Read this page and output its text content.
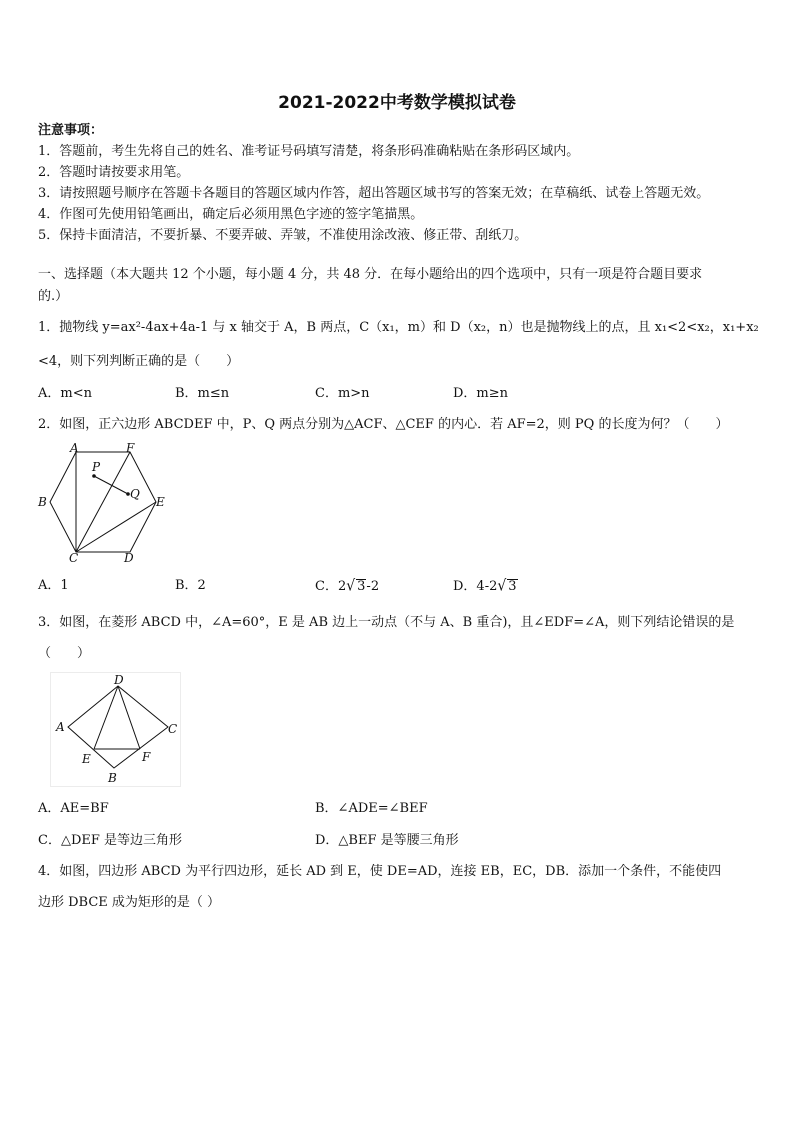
2021-2022中考数学模拟试卷
注意事项：
1．答题前，考生先将自己的姓名、准考证号码填写清楚，将条形码准确粘贴在条形码区域内。
2．答题时请按要求用笔。
3．请按照题号顺序在答题卡各题目的答题区域内作答，超出答题区域书写的答案无效；在草稿纸、试卷上答题无效。
4．作图可先使用铅笔画出，确定后必须用黑色字迹的签字笔描黑。
5．保持卡面清洁，不要折暴、不要弄破、弄皱，不准使用涂改液、修正带、刮纸刀。
一、选择题（本大题共 12 个小题，每小题 4 分，共 48 分．在每小题给出的四个选项中，只有一项是符合题目要求
的.）
1．抛物线 y=ax²-4ax+4a-1 与 x 轴交于 A，B 两点，C（x₁，m）和 D（x₂，n）也是抛物线上的点，且 x₁<2<x₂，x₁+x₂
<4，则下列判断正确的是（　　）
A．m<n	B．m≤n	C．m>n	D．m≥n
2．如图，正六边形 ABCDEF 中，P、Q 两点分别为△ACF、△CEF 的内心．若 AF=2，则 PQ 的长度为何？（　　）
A	F
P
Q
B	E
C	D
A．1	B．2	C．2√ 3-2	D．4-2√ 3
3．如图，在菱形 ABCD 中，∠A=60°，E 是 AB 边上一动点（不与 A、B 重合)，且∠EDF=∠A，则下列结论错误的是
（　　）
D
A	C
E	F
B
A．AE=BF	B．∠ADE=∠BEF
C．△DEF 是等边三角形	D．△BEF 是等腰三角形
4．如图，四边形 ABCD 为平行四边形，延长 AD 到 E，使 DE=AD，连接 EB，EC，DB．添加一个条件，不能使四
边形 DBCE 成为矩形的是（ ）
